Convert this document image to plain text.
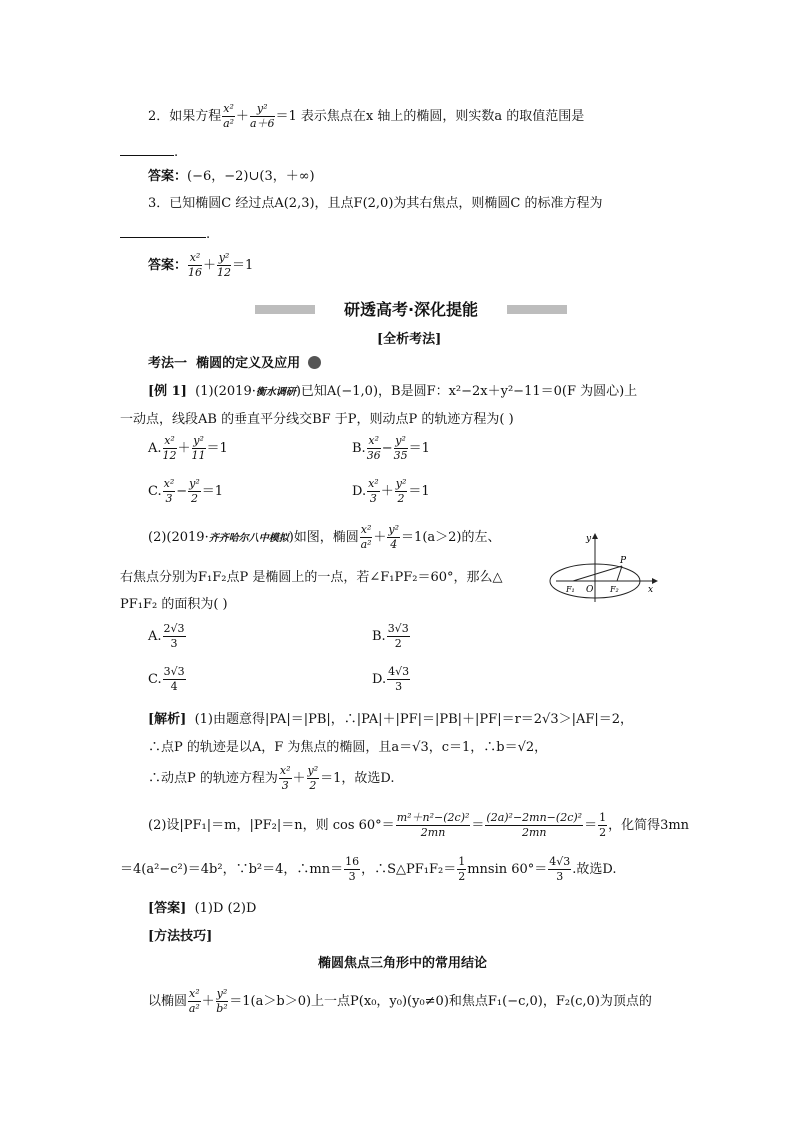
2．如果方程 $\frac{\text{x²}}{\text{a²}} + \frac{\text{y²}}{a+6} =1$ 表示焦点在x 轴上的椭圆，则实数a 的取值范围是
.
答案：(−6，−2)∪(3，＋∞)
3．已知椭圆C 经过点A(2,3)，且点F(2,0)为其右焦点，则椭圆C 的标准方程为
.
答案： $\frac{\text{x²}}{16} + \frac{\text{y²}}{12} =1$
研透高考·深化提能
[全析考法]
考法一 椭圆的定义及应用
[例 1] (1)(2019·衡水调研)已知A(−1,0)，B是圆F：x²−2x＋y²−11＝0(F 为圆心)上
一动点，线段AB 的垂直平分线交BF 于P，则动点P 的轨迹方程为( )
A. $\frac{\text{x²}}{12} + \frac{\text{y²}}{11} =1$	B. $\frac{\text{x²}}{36} - \frac{\text{y²}}{35} =1$
C. $\frac{\text{x²}}{3} - \frac{\text{y²}}{2} =1$	D. $\frac{\text{x²}}{3} + \frac{\text{y²}}{2} =1$
(2)(2019·齐齐哈尔八中模拟)如图，椭圆 $\frac{\text{x²}}{\text{a²}} + \frac{\text{y²}}{4} =1(a>2)$的左、
右焦点分别为F₁F₂点P 是椭圆上的一点，若∠F₁PF₂＝60°，那么△
PF₁F₂ 的面积为( )
y
x
P
F₁ O F₂
A. $\frac{2√3}{3}$	B. $\frac{3√3}{2}$
C. $\frac{3√3}{4}$	D. $\frac{4√3}{3}$
[解析] (1)由题意得|PA|＝|PB|，∴|PA|＋|PF|＝|PB|＋|PF|＝r＝2√3＞|AF|＝2，
∴点P 的轨迹是以A，F 为焦点的椭圆，且a＝√3，c＝1，∴b＝√2，
∴动点P 的轨迹方程为 $\frac{\text{x²}}{3} + \frac{\text{y²}}{2} =1$，故选D.
(2)设|PF₁|＝m，|PF₂|＝n，则 $\cos 60^\circ= \frac{\text{m²＋n²−(2c)²}}{2mn} = \frac{\text{(2a)²−2mn−(2c)²}}{2mn} = \frac{1}{2}$ ，化简得3mn
＝4(a²−c²)＝4b²，∵b²＝4，∴mn＝ $\frac{16}{3}$ ，∴S△PF₁F₂＝ $\frac{1}{2}$ mnsin $60^\circ= \frac{4√3}{3}$ .故选D.
[答案] (1)D (2)D
[方法技巧]
椭圆焦点三角形中的常用结论
以椭圆 $\frac{\text{x²}}{\text{a²}} + \frac{\text{y²}}{\text{b²}} =1(a>b>0)$上一点P(x₀，y₀)(y₀≠0)和焦点F₁(−c,0)，F₂(c,0)为顶点的
